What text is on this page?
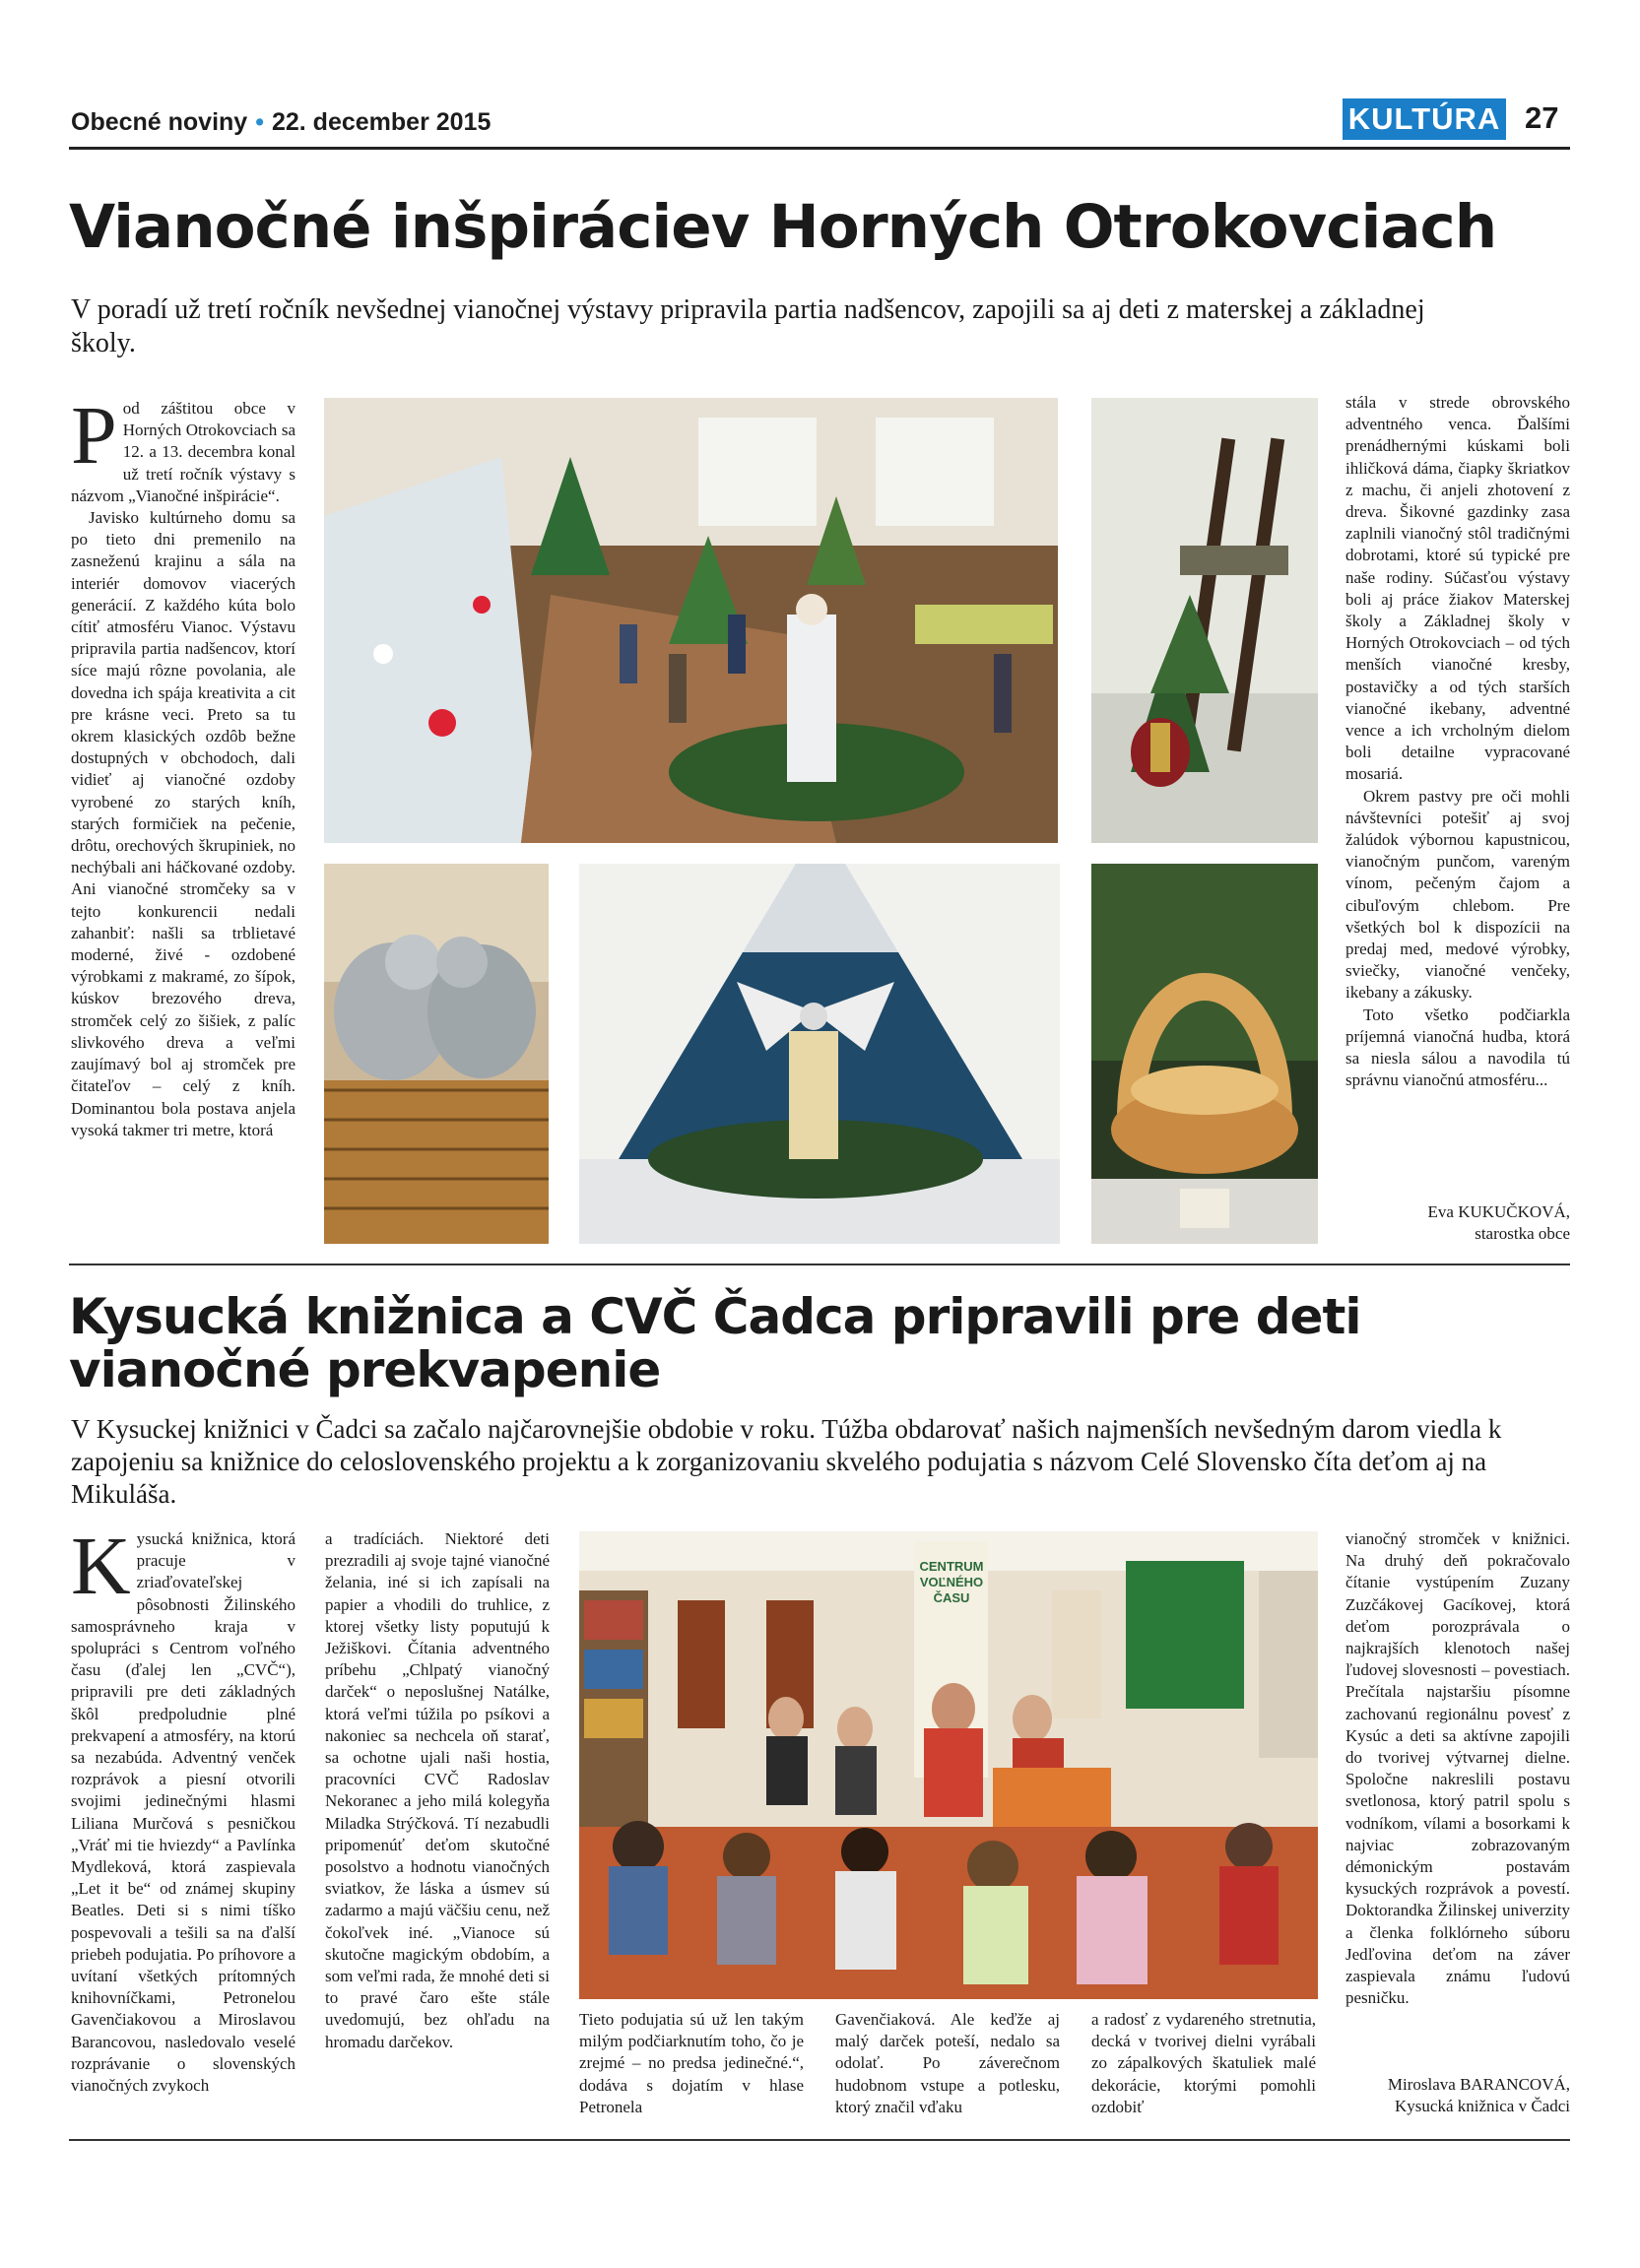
Obecné noviny • 22. december 2015	KULTÚRA 27
Vianočné inšpiráciev Horných Otrokovciach
V poradí už tretí ročník nevšednej vianočnej výstavy pripravila partia nadšencov, zapojili sa aj deti z materskej a základnej školy.

Pod záštitou obce v Horných Otrokovciach sa 12. a 13. decembra konal už tretí ročník výstavy s názvom „Vianočné inšpirácie“.

Javisko kultúrneho domu sa po tieto dni premenilo na zasneženú krajinu a sála na interiér domovov viacerých generácií. Z každého kúta bolo cítiť atmosféru Vianoc. Výstavu pripravila partia nadšencov, ktorí síce majú rôzne povolania, ale dovedna ich spája kreativita a cit pre krásne veci. Preto sa tu okrem klasických ozdôb bežne dostupných v obchodoch, dali vidieť aj vianočné ozdoby vyrobené zo starých kníh, starých formičiek na pečenie, drôtu, orechových škrupiniek, no nechýbali ani háčkované ozdoby. Ani vianočné stromčeky sa v tejto konkurencii nedali zahanbiť: našli sa trblietavé moderné, živé - ozdobené výrobkami z makramé, zo šípok, kúskov brezového dreva, stromček celý zo šišiek, z palíc slivkového dreva a veľmi zaujímavý bol aj stromček pre čitateľov – celý z kníh. Dominantou bola postava anjela vysoká takmer tri metre, ktorá

stála v strede obrovského adventného venca. Ďalšími prenádhernými kúskami boli ihličková dáma, čiapky škriatkov z machu, či anjeli zhotovení z dreva. Šikovné gazdinky zasa zaplnili vianočný stôl tradičnými dobrotami, ktoré sú typické pre naše rodiny. Súčasťou výstavy boli aj práce žiakov Materskej školy a Základnej školy v Horných Otrokovciach – od tých menších vianočné kresby, postavičky a od tých starších vianočné ikebany, adventné vence a ich vrcholným dielom boli detailne vypracované mosariá.

Okrem pastvy pre oči mohli návštevníci potešiť aj svoj žalúdok výbornou kapustnicou, vianočným punčom, vareným vínom, pečeným čajom a cibuľovým chlebom. Pre všetkých bol k dispozícii na predaj med, medové výrobky, sviečky, vianočné venčeky, ikebany a zákusky.

Toto všetko podčiarkla príjemná vianočná hudba, ktorá sa niesla sálou a navodila tú správnu vianočnú atmosféru...

Eva KUKUČKOVÁ,
starostka obce
Kysucká knižnica a CVČ Čadca pripravili pre deti
vianočné prekvapenie
V Kysuckej knižnici v Čadci sa začalo najčarovnejšie obdobie v roku. Túžba obdarovať našich najmenších nevšedným darom viedla k zapojeniu sa knižnice do celoslovenského projektu a k zorganizovaniu skvelého podujatia s názvom Celé Slovensko číta deťom aj na Mikuláša.

Kysucká knižnica, ktorá pracuje v zriaďovateľskej pôsobnosti Žilinského samosprávneho kraja v spolupráci s Centrom voľného času (ďalej len „CVČ“), pripravili pre deti základných škôl predpoludnie plné prekvapení a atmosféry, na ktorú sa nezabúda. Adventný venček rozprávok a piesní otvorili svojimi jedinečnými hlasmi Liliana Murčová s pesničkou „Vráť mi tie hviezdy“ a Pavlínka Mydleková, ktorá zaspievala „Let it be“ od známej skupiny Beatles. Deti si s nimi tíško pospevovali a tešili sa na ďalší priebeh podujatia. Po príhovore a uvítaní všetkých prítomných knihovníčkami, Petronelou Gavenčiakovou a Miroslavou Barancovou, nasledovalo veselé rozprávanie o slovenských vianočných zvykoch

a tradíciách. Niektoré deti prezradili aj svoje tajné vianočné želania, iné si ich zapísali na papier a vhodili do truhlice, z ktorej všetky listy poputujú k Ježiškovi. Čítania adventného príbehu „Chlpatý vianočný darček“ o neposlušnej Natálke, ktorá veľmi túžila po psíkovi a nakoniec sa nechcela oň starať, sa ochotne ujali naši hostia, pracovníci CVČ Radoslav Nekoranec a jeho milá kolegyňa Miladka Strýčková. Tí nezabudli pripomenúť deťom skutočné posolstvo a hodnotu vianočných sviatkov, že láska a úsmev sú zadarmo a majú väčšiu cenu, než čokoľvek iné. „Vianoce sú skutočne magickým obdobím, a som veľmi rada, že mnohé deti si to pravé čaro ešte stále uvedomujú, bez ohľadu na hromadu darčekov.

CENTRUM
VOĽNÉHO
ČASU

Tieto podujatia sú už len takým milým podčiarknutím toho, čo je zrejmé – no predsa jedinečné.“, dodáva s dojatím v hlase Petronela

Gavenčiaková. Ale keďže aj malý darček poteší, nedalo sa odolať. Po záverečnom hudobnom vstupe a potlesku, ktorý značil vďaku

a radosť z vydareného stretnutia, decká v tvorivej dielni vyrábali zo zápalkových škatuliek malé dekorácie, ktorými pomohli ozdobiť

vianočný stromček v knižnici. Na druhý deň pokračovalo čítanie vystúpením Zuzany Zuzčákovej Gacíkovej, ktorá deťom porozprávala o najkrajších klenotoch našej ľudovej slovesnosti – povestiach. Prečítala najstaršiu písomne zachovanú regionálnu povesť z Kysúc a deti sa aktívne zapojili do tvorivej výtvarnej dielne. Spoločne nakreslili postavu svetlonosa, ktorý patril spolu s vodníkom, vílami a bosorkami k najviac zobrazovaným démonickým postavám kysuckých rozprávok a povestí. Doktorandka Žilinskej univerzity a členka folklórneho súboru Jedľovina deťom na záver zaspievala známu ľudovú pesničku.

Miroslava BARANCOVÁ,
Kysucká knižnica v Čadci
